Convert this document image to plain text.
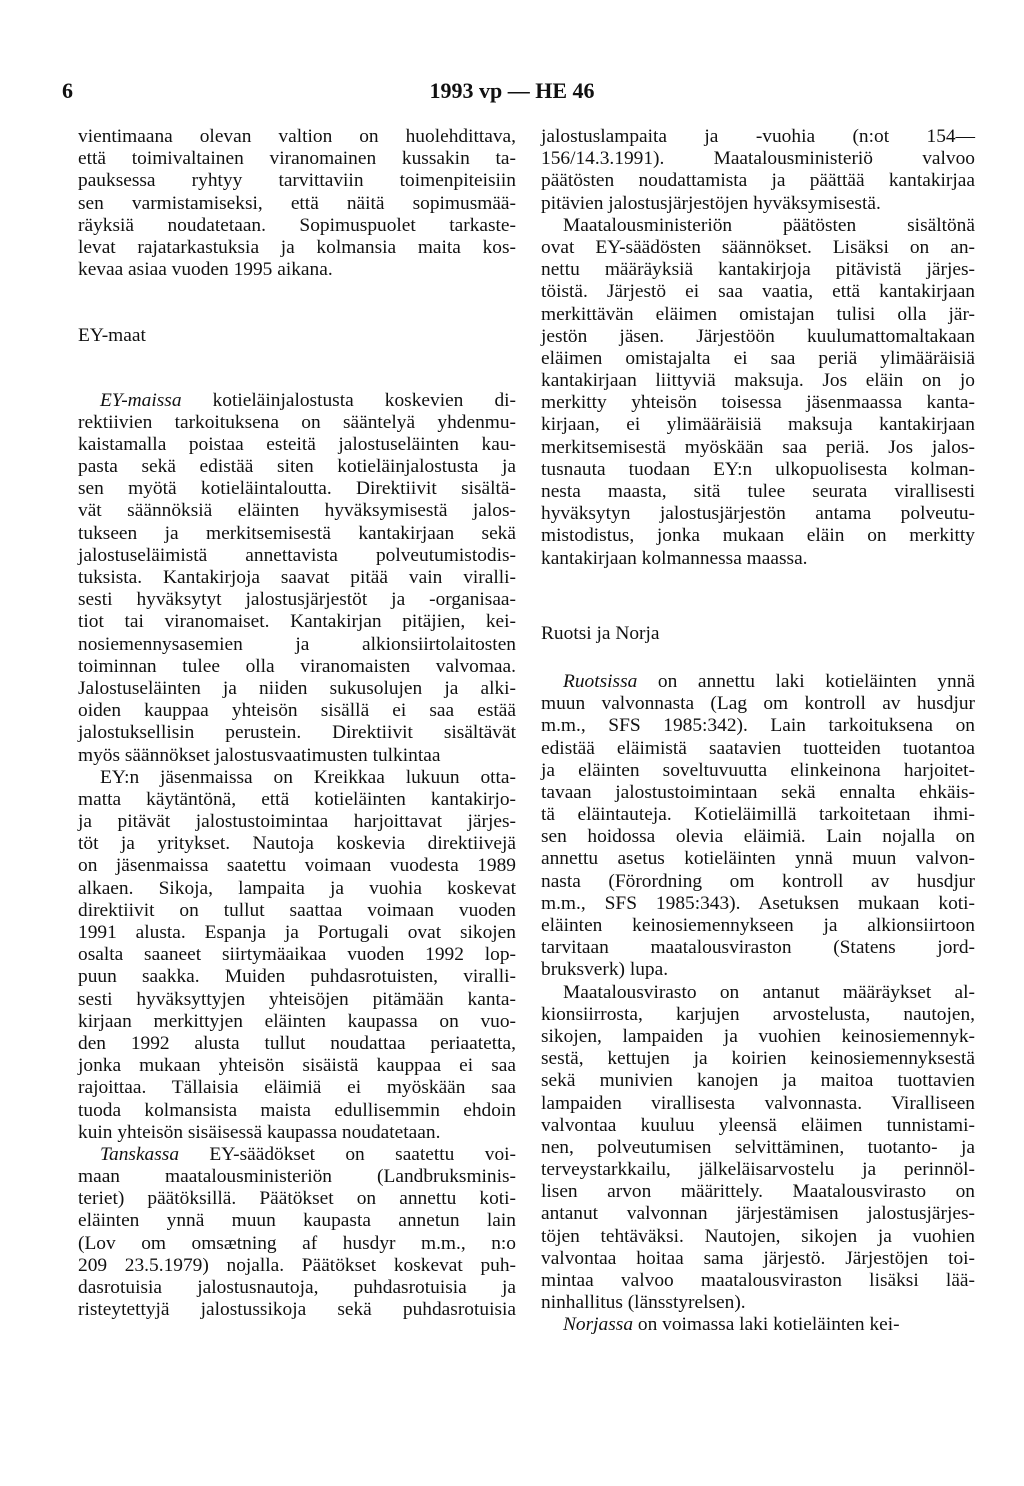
6	1993 vp — HE 46
vientimaana olevan valtion on huolehdittava,
että toimivaltainen viranomainen kussakin ta-
pauksessa ryhtyy tarvittaviin toimenpiteisiin
sen varmistamiseksi, että näitä sopimusmää-
räyksiä noudatetaan. Sopimuspuolet tarkaste-
levat rajatarkastuksia ja kolmansia maita kos-
kevaa asiaa vuoden 1995 aikana.
EY-maat
EY-maissa kotieläinjalostusta koskevien di-
rektiivien tarkoituksena on sääntelyä yhdenmu-
kaistamalla poistaa esteitä jalostuseläinten kau-
pasta sekä edistää siten kotieläinjalostusta ja
sen myötä kotieläintaloutta. Direktiivit sisältä-
vät säännöksiä eläinten hyväksymisestä jalos-
tukseen ja merkitsemisestä kantakirjaan sekä
jalostuseläimistä annettavista polveutumistodis-
tuksista. Kantakirjoja saavat pitää vain viralli-
sesti hyväksytyt jalostusjärjestöt ja -organisaa-
tiot tai viranomaiset. Kantakirjan pitäjien, kei-
nosiemennysasemien ja alkionsiirtolaitosten
toiminnan tulee olla viranomaisten valvomaa.
Jalostuseläinten ja niiden sukusolujen ja alki-
oiden kauppaa yhteisön sisällä ei saa estää
jalostuksellisin perustein. Direktiivit sisältävät
myös säännökset jalostusvaatimusten tulkintaa
EY:n jäsenmaissa on Kreikkaa lukuun otta-
matta käytäntönä, että kotieläinten kantakirjo-
ja pitävät jalostustoimintaa harjoittavat järjes-
töt ja yritykset. Nautoja koskevia direktiivejä
on jäsenmaissa saatettu voimaan vuodesta 1989
alkaen. Sikoja, lampaita ja vuohia koskevat
direktiivit on tullut saattaa voimaan vuoden
1991 alusta. Espanja ja Portugali ovat sikojen
osalta saaneet siirtymäaikaa vuoden 1992 lop-
puun saakka. Muiden puhdasrotuisten, viralli-
sesti hyväksyttyjen yhteisöjen pitämään kanta-
kirjaan merkittyjen eläinten kaupassa on vuo-
den 1992 alusta tullut noudattaa periaatetta,
jonka mukaan yhteisön sisäistä kauppaa ei saa
rajoittaa. Tällaisia eläimiä ei myöskään saa
tuoda kolmansista maista edullisemmin ehdoin
kuin yhteisön sisäisessä kaupassa noudatetaan.
Tanskassa EY-säädökset on saatettu voi-
maan maatalousministeriön (Landbruksminis-
teriet) päätöksillä. Päätökset on annettu koti-
eläinten ynnä muun kaupasta annetun lain
(Lov om omsætning af husdyr m.m., n:o
209 23.5.1979) nojalla. Päätökset koskevat puh-
dasrotuisia jalostusnautoja, puhdasrotuisia ja
risteytettyjä jalostussikoja sekä puhdasrotuisia
jalostuslampaita ja -vuohia (n:ot 154—
156/14.3.1991). Maatalousministeriö valvoo
päätösten noudattamista ja päättää kantakirjaa
pitävien jalostusjärjestöjen hyväksymisestä.
Maatalousministeriön päätösten sisältönä
ovat EY-säädösten säännökset. Lisäksi on an-
nettu määräyksiä kantakirjoja pitävistä järjes-
töistä. Järjestö ei saa vaatia, että kantakirjaan
merkittävän eläimen omistajan tulisi olla jär-
jestön jäsen. Järjestöön kuulumattomaltakaan
eläimen omistajalta ei saa periä ylimääräisiä
kantakirjaan liittyviä maksuja. Jos eläin on jo
merkitty yhteisön toisessa jäsenmaassa kanta-
kirjaan, ei ylimääräisiä maksuja kantakirjaan
merkitsemisestä myöskään saa periä. Jos jalos-
tusnauta tuodaan EY:n ulkopuolisesta kolman-
nesta maasta, sitä tulee seurata virallisesti
hyväksytyn jalostusjärjestön antama polveutu-
mistodistus, jonka mukaan eläin on merkitty
kantakirjaan kolmannessa maassa.
Ruotsi ja Norja
Ruotsissa on annettu laki kotieläinten ynnä
muun valvonnasta (Lag om kontroll av husdjur
m.m., SFS 1985:342). Lain tarkoituksena on
edistää eläimistä saatavien tuotteiden tuotantoa
ja eläinten soveltuvuutta elinkeinona harjoitet-
tavaan jalostustoimintaan sekä ennalta ehkäis-
tä eläintauteja. Kotieläimillä tarkoitetaan ihmi-
sen hoidossa olevia eläimiä. Lain nojalla on
annettu asetus kotieläinten ynnä muun valvon-
nasta (Förordning om kontroll av husdjur
m.m., SFS 1985:343). Asetuksen mukaan koti-
eläinten keinosiemennykseen ja alkionsiirtoon
tarvitaan maatalousviraston (Statens jord-
bruksverk) lupa.
Maatalousvirasto on antanut määräykset al-
kionsiirrosta, karjujen arvostelusta, nautojen,
sikojen, lampaiden ja vuohien keinosiemennyk-
sestä, kettujen ja koirien keinosiemennyksestä
sekä munivien kanojen ja maitoa tuottavien
lampaiden virallisesta valvonnasta. Viralliseen
valvontaa kuuluu yleensä eläimen tunnistami-
nen, polveutumisen selvittäminen, tuotanto- ja
terveystarkkailu, jälkeläisarvostelu ja perinnöl-
lisen arvon määrittely. Maatalousvirasto on
antanut valvonnan järjestämisen jalostusjärjes-
töjen tehtäväksi. Nautojen, sikojen ja vuohien
valvontaa hoitaa sama järjestö. Järjestöjen toi-
mintaa valvoo maatalousviraston lisäksi lää-
ninhallitus (länsstyrelsen).
Norjassa on voimassa laki kotieläinten kei-
